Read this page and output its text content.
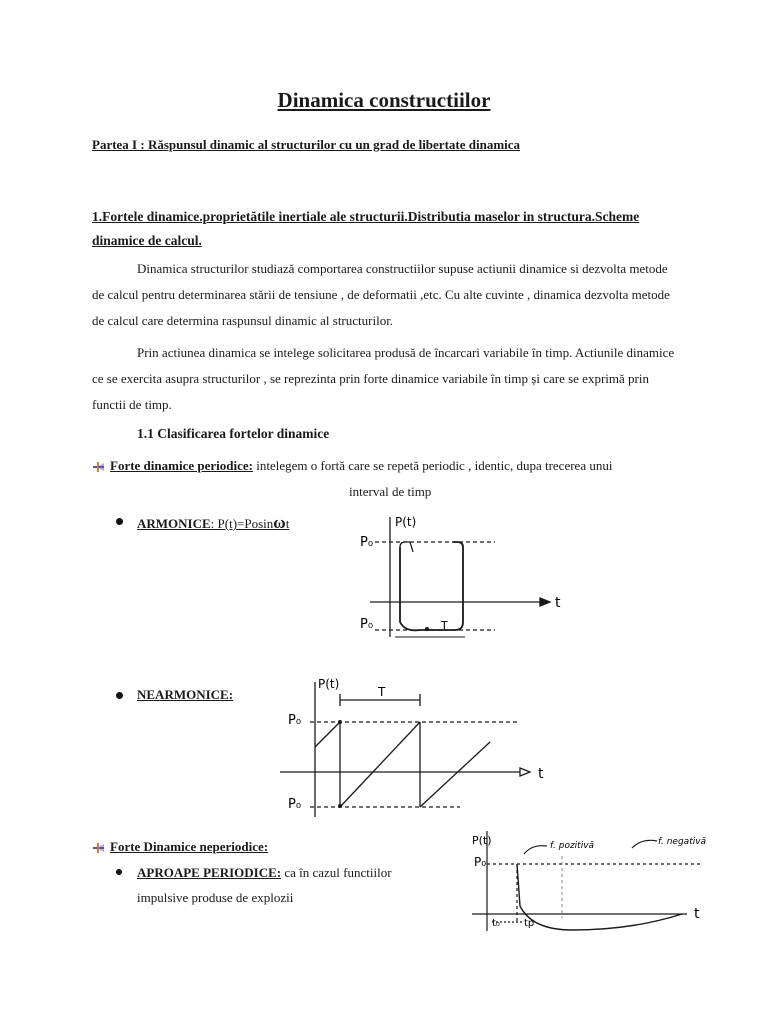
Dinamica constructiilor

Partea I : Răspunsul dinamic al structurilor cu un grad de libertate dinamica

1.Fortele dinamice.proprietătile inertiale ale structurii.Distributia maselor in structura.Scheme dinamice de calcul.

Dinamica structurilor studiază comportarea constructiilor supuse actiunii dinamice si dezvolta metode de calcul pentru determinarea stării de tensiune , de deformatii ,etc. Cu alte cuvinte , dinamica dezvolta metode de calcul care determina raspunsul dinamic al structurilor.

Prin actiunea dinamica se intelege solicitarea produsă de încarcari variabile în timp. Actiunile dinamice ce se exercita asupra structurilor , se reprezinta prin forte dinamice variabile în timp și care se exprimă prin functii de timp.

1.1 Clasificarea fortelor dinamice

Forte dinamice periodice: intelegem o fortă care se repetă periodic , identic, dupa trecerea unui
interval de timp
ARMONICE: P(t)=Posinωt	P(t)
P₀
P₀
t
T
NEARMONICE:
P(t)
P₀
P₀
t
T
Forte Dinamice neperiodice:
APROAPE PERIODICE: ca în cazul functiilor impulsive produse de explozii
P(t)
P₀
t
t₀ tp
f. pozitivă	f. negativă
